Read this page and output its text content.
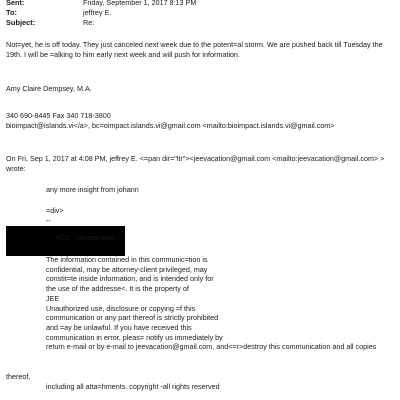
Sent:	Friday, September 1, 2017 8:13 PM
To:	jeffrey E.
Subject:	Re:
Not=yet, he is off today. They just canceled next week due to the potent=al storm. We are pushed back till Tuesday the
19th. I will be =alking to him early next week and will push for information.
Amy Claire Dempsey, M.A.
340 690-8445 Fax 340 718-3800
bioimpact@islands.vi</a>, bc=oimpact.islands.vi@gmail.com <mailto:bioimpact.islands.vi@gmail.com>
On Fri, Sep 1, 2017 at 4:08 PM, jeffrey E. <=pan dir="ltr"><jeevacation@gmail.com <mailto:jeevacation@gmail.com> >
wrote:
any more insight from johann
=div>
--
=C2 please note
The information contained in this communic=tion is
confidential, may be attorney-client privileged, may
constit=te inside information, and is intended only for
the use of the addresse<. It is the property of
JEE
Unauthorized use, disclosure or copying =f this
communication or any part thereof is strictly prohibited
and =ay be unlawful. If you have received this
communication in error, pleas= notify us immediately by
return e-mail or by e-mail to jeevacation@gmail.com, and<=r>destroy this communication and all copies
thereof,
including all atta=hments. copyright -all rights reserved
